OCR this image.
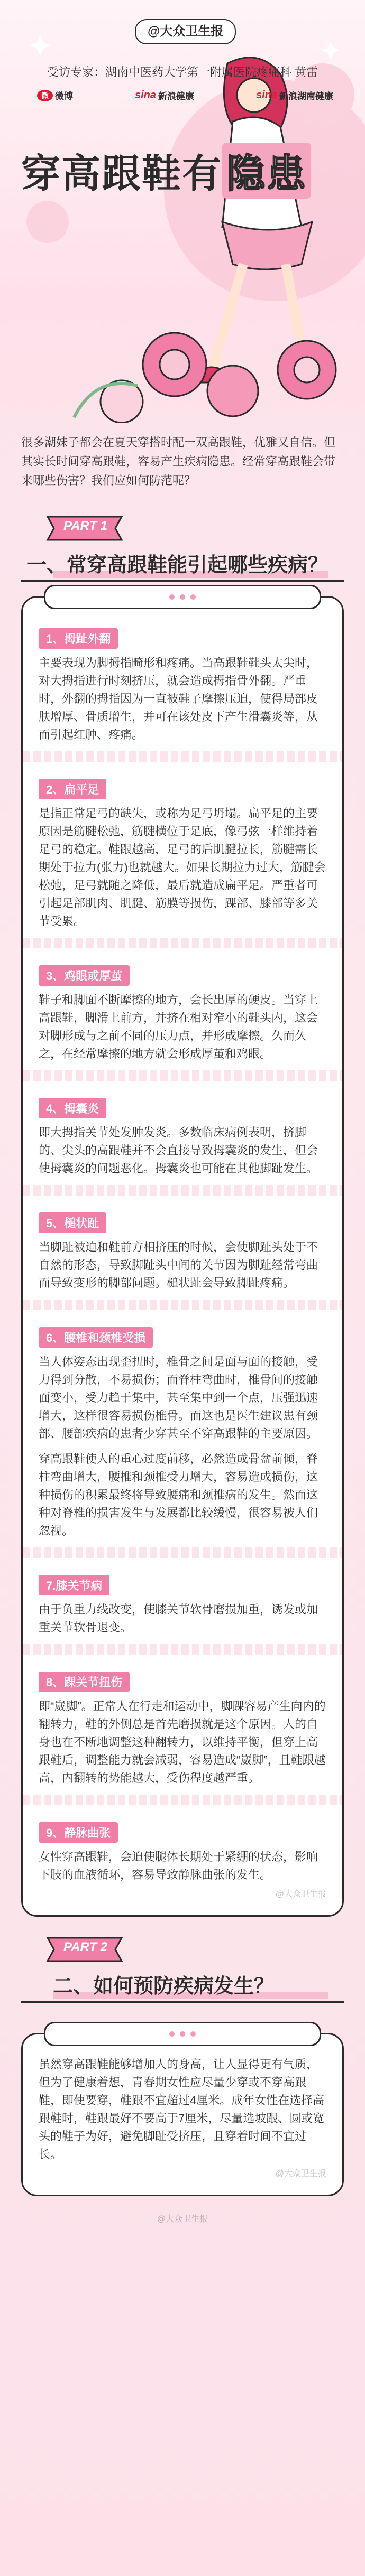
@大众卫生报
受访专家：湖南中医药大学第一附属医院疼痛科 黄雷
微 微博	sina 新浪健康	sina 新浪湖南健康
穿高跟鞋有 隐患

很多潮妹子都会在夏天穿搭时配一双高跟鞋，优雅又自信。但其实长时间穿高跟鞋，容易产生疾病隐患。经常穿高跟鞋会带来哪些伤害？我们应如何防范呢？

PART 1
一、常穿高跟鞋能引起哪些疾病？
1、拇趾外翻

主要表现为脚拇指畸形和疼痛。当高跟鞋鞋头太尖时，对大拇指进行时刻挤压，就会造成拇指骨外翻。严重时，外翻的拇指因为一直被鞋子摩擦压迫，使得局部皮肤增厚、骨质增生，并可在该处皮下产生滑囊炎等，从而引起红肿、疼痛。

2、扁平足

是指正常足弓的缺失，或称为足弓坍塌。扁平足的主要原因是筋腱松弛，筋腱横位于足底，像弓弦一样维持着足弓的稳定。鞋跟越高，足弓的后肌腱拉长，筋腱需长期处于拉力(张力)也就越大。如果长期拉力过大，筋腱会松弛，足弓就随之降低，最后就造成扁平足。严重者可引起足部肌肉、肌腱、筋膜等损伤，踝部、膝部等多关节受累。

3、鸡眼或厚茧

鞋子和脚面不断摩擦的地方，会长出厚的硬皮。当穿上高跟鞋，脚滑上前方，并挤在相对窄小的鞋头内，这会对脚形成与之前不同的压力点，并形成摩擦。久而久之，在经常摩擦的地方就会形成厚茧和鸡眼。

4、拇囊炎

即大拇指关节处发肿发炎。多数临床病例表明，挤脚的、尖头的高跟鞋并不会直接导致拇囊炎的发生，但会使拇囊炎的问题恶化。拇囊炎也可能在其他脚趾发生。

5、槌状趾

当脚趾被迫和鞋前方相挤压的时候，会使脚趾头处于不自然的形态，导致脚趾头中间的关节因为脚趾经常弯曲而导致变形的脚部问题。槌状趾会导致脚趾疼痛。

6、腰椎和颈椎受损

当人体姿态出现歪扭时，椎骨之间是面与面的接触，受力得到分散，不易损伤；而脊柱弯曲时，椎骨间的接触面变小，受力趋于集中，甚至集中到一个点，压强迅速增大，这样很容易损伤椎骨。而这也是医生建议患有颈部、腰部疾病的患者少穿甚至不穿高跟鞋的主要原因。

穿高跟鞋使人的重心过度前移，必然造成骨盆前倾，脊柱弯曲增大，腰椎和颈椎受力增大，容易造成损伤，这种损伤的积累最终将导致腰痛和颈椎病的发生。然而这种对脊椎的损害发生与发展都比较缓慢，很容易被人们忽视。

7.膝关节病

由于负重力线改变，使膝关节软骨磨损加重，诱发或加重关节软骨退变。

8、踝关节扭伤

即“崴脚”。正常人在行走和运动中，脚踝容易产生向内的翻转力，鞋的外侧总是首先磨损就是这个原因。人的自身也在不断地调整这种翻转力，以维持平衡，但穿上高跟鞋后，调整能力就会减弱，容易造成“崴脚”，且鞋跟越高，内翻转的势能越大，受伤程度越严重。

9、静脉曲张

女性穿高跟鞋，会迫使腿体长期处于紧绷的状态，影响下肢的血液循环，容易导致静脉曲张的发生。

@大众卫生报
PART 2
二、如何预防疾病发生？

虽然穿高跟鞋能够增加人的身高，让人显得更有气质，但为了健康着想，青春期女性应尽量少穿或不穿高跟鞋，即使要穿，鞋跟不宜超过4厘米。成年女性在选择高跟鞋时，鞋跟最好不要高于7厘米，尽量选坡跟、圆或宽头的鞋子为好，避免脚趾受挤压，且穿着时间不宜过长。

@大众卫生报
@大众卫生报
